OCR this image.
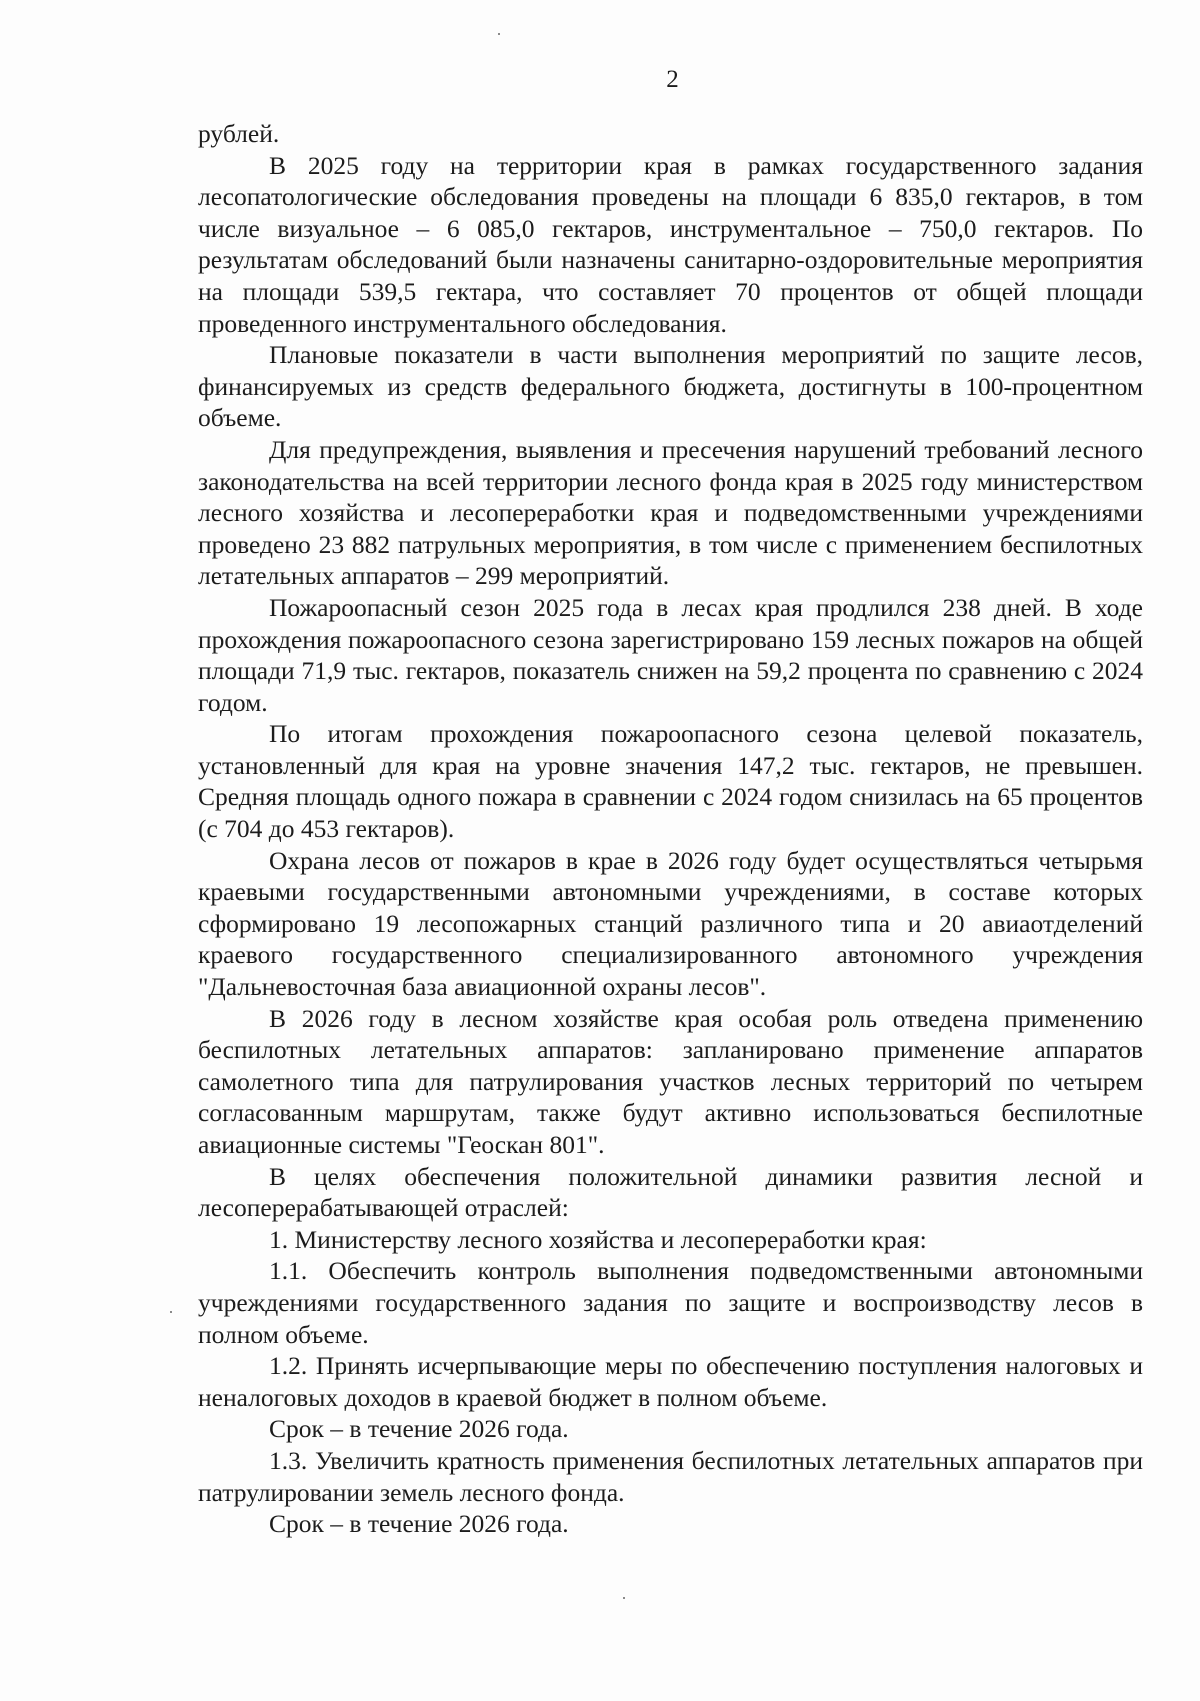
2

рублей.

В 2025 году на территории края в рамках государственного задания лесопатологические обследования проведены на площади 6 835,0 гектаров, в том числе визуальное – 6 085,0 гектаров, инструментальное – 750,0 гектаров. По результатам обследований были назначены санитарно-оздоровительные мероприятия на площади 539,5 гектара, что составляет 70 процентов от общей площади проведенного инструментального обследования.

Плановые показатели в части выполнения мероприятий по защите лесов, финансируемых из средств федерального бюджета, достигнуты в 100-процентном объеме.

Для предупреждения, выявления и пресечения нарушений требований лесного законодательства на всей территории лесного фонда края в 2025 году министерством лесного хозяйства и лесопереработки края и подведомственными учреждениями проведено 23 882 патрульных мероприятия, в том числе с применением беспилотных летательных аппаратов – 299 мероприятий.

Пожароопасный сезон 2025 года в лесах края продлился 238 дней. В ходе прохождения пожароопасного сезона зарегистрировано 159 лесных пожаров на общей площади 71,9 тыс. гектаров, показатель снижен на 59,2 процента по сравнению с 2024 годом.

По итогам прохождения пожароопасного сезона целевой показатель, установленный для края на уровне значения 147,2 тыс. гектаров, не превышен. Средняя площадь одного пожара в сравнении с 2024 годом снизилась на 65 процентов (с 704 до 453 гектаров).

Охрана лесов от пожаров в крае в 2026 году будет осуществляться четырьмя краевыми государственными автономными учреждениями, в составе которых сформировано 19 лесопожарных станций различного типа и 20 авиаотделений краевого государственного специализированного автономного учреждения "Дальневосточная база авиационной охраны лесов".

В 2026 году в лесном хозяйстве края особая роль отведена применению беспилотных летательных аппаратов: запланировано применение аппаратов самолетного типа для патрулирования участков лесных территорий по четырем согласованным маршрутам, также будут активно использоваться беспилотные авиационные системы "Геоскан 801".

В целях обеспечения положительной динамики развития лесной и лесоперерабатывающей отраслей:

1. Министерству лесного хозяйства и лесопереработки края:

1.1. Обеспечить контроль выполнения подведомственными автономными учреждениями государственного задания по защите и воспроизводству лесов в полном объеме.

1.2. Принять исчерпывающие меры по обеспечению поступления налоговых и неналоговых доходов в краевой бюджет в полном объеме.

Срок – в течение 2026 года.

1.3. Увеличить кратность применения беспилотных летательных аппаратов при патрулировании земель лесного фонда.

Срок – в течение 2026 года.
